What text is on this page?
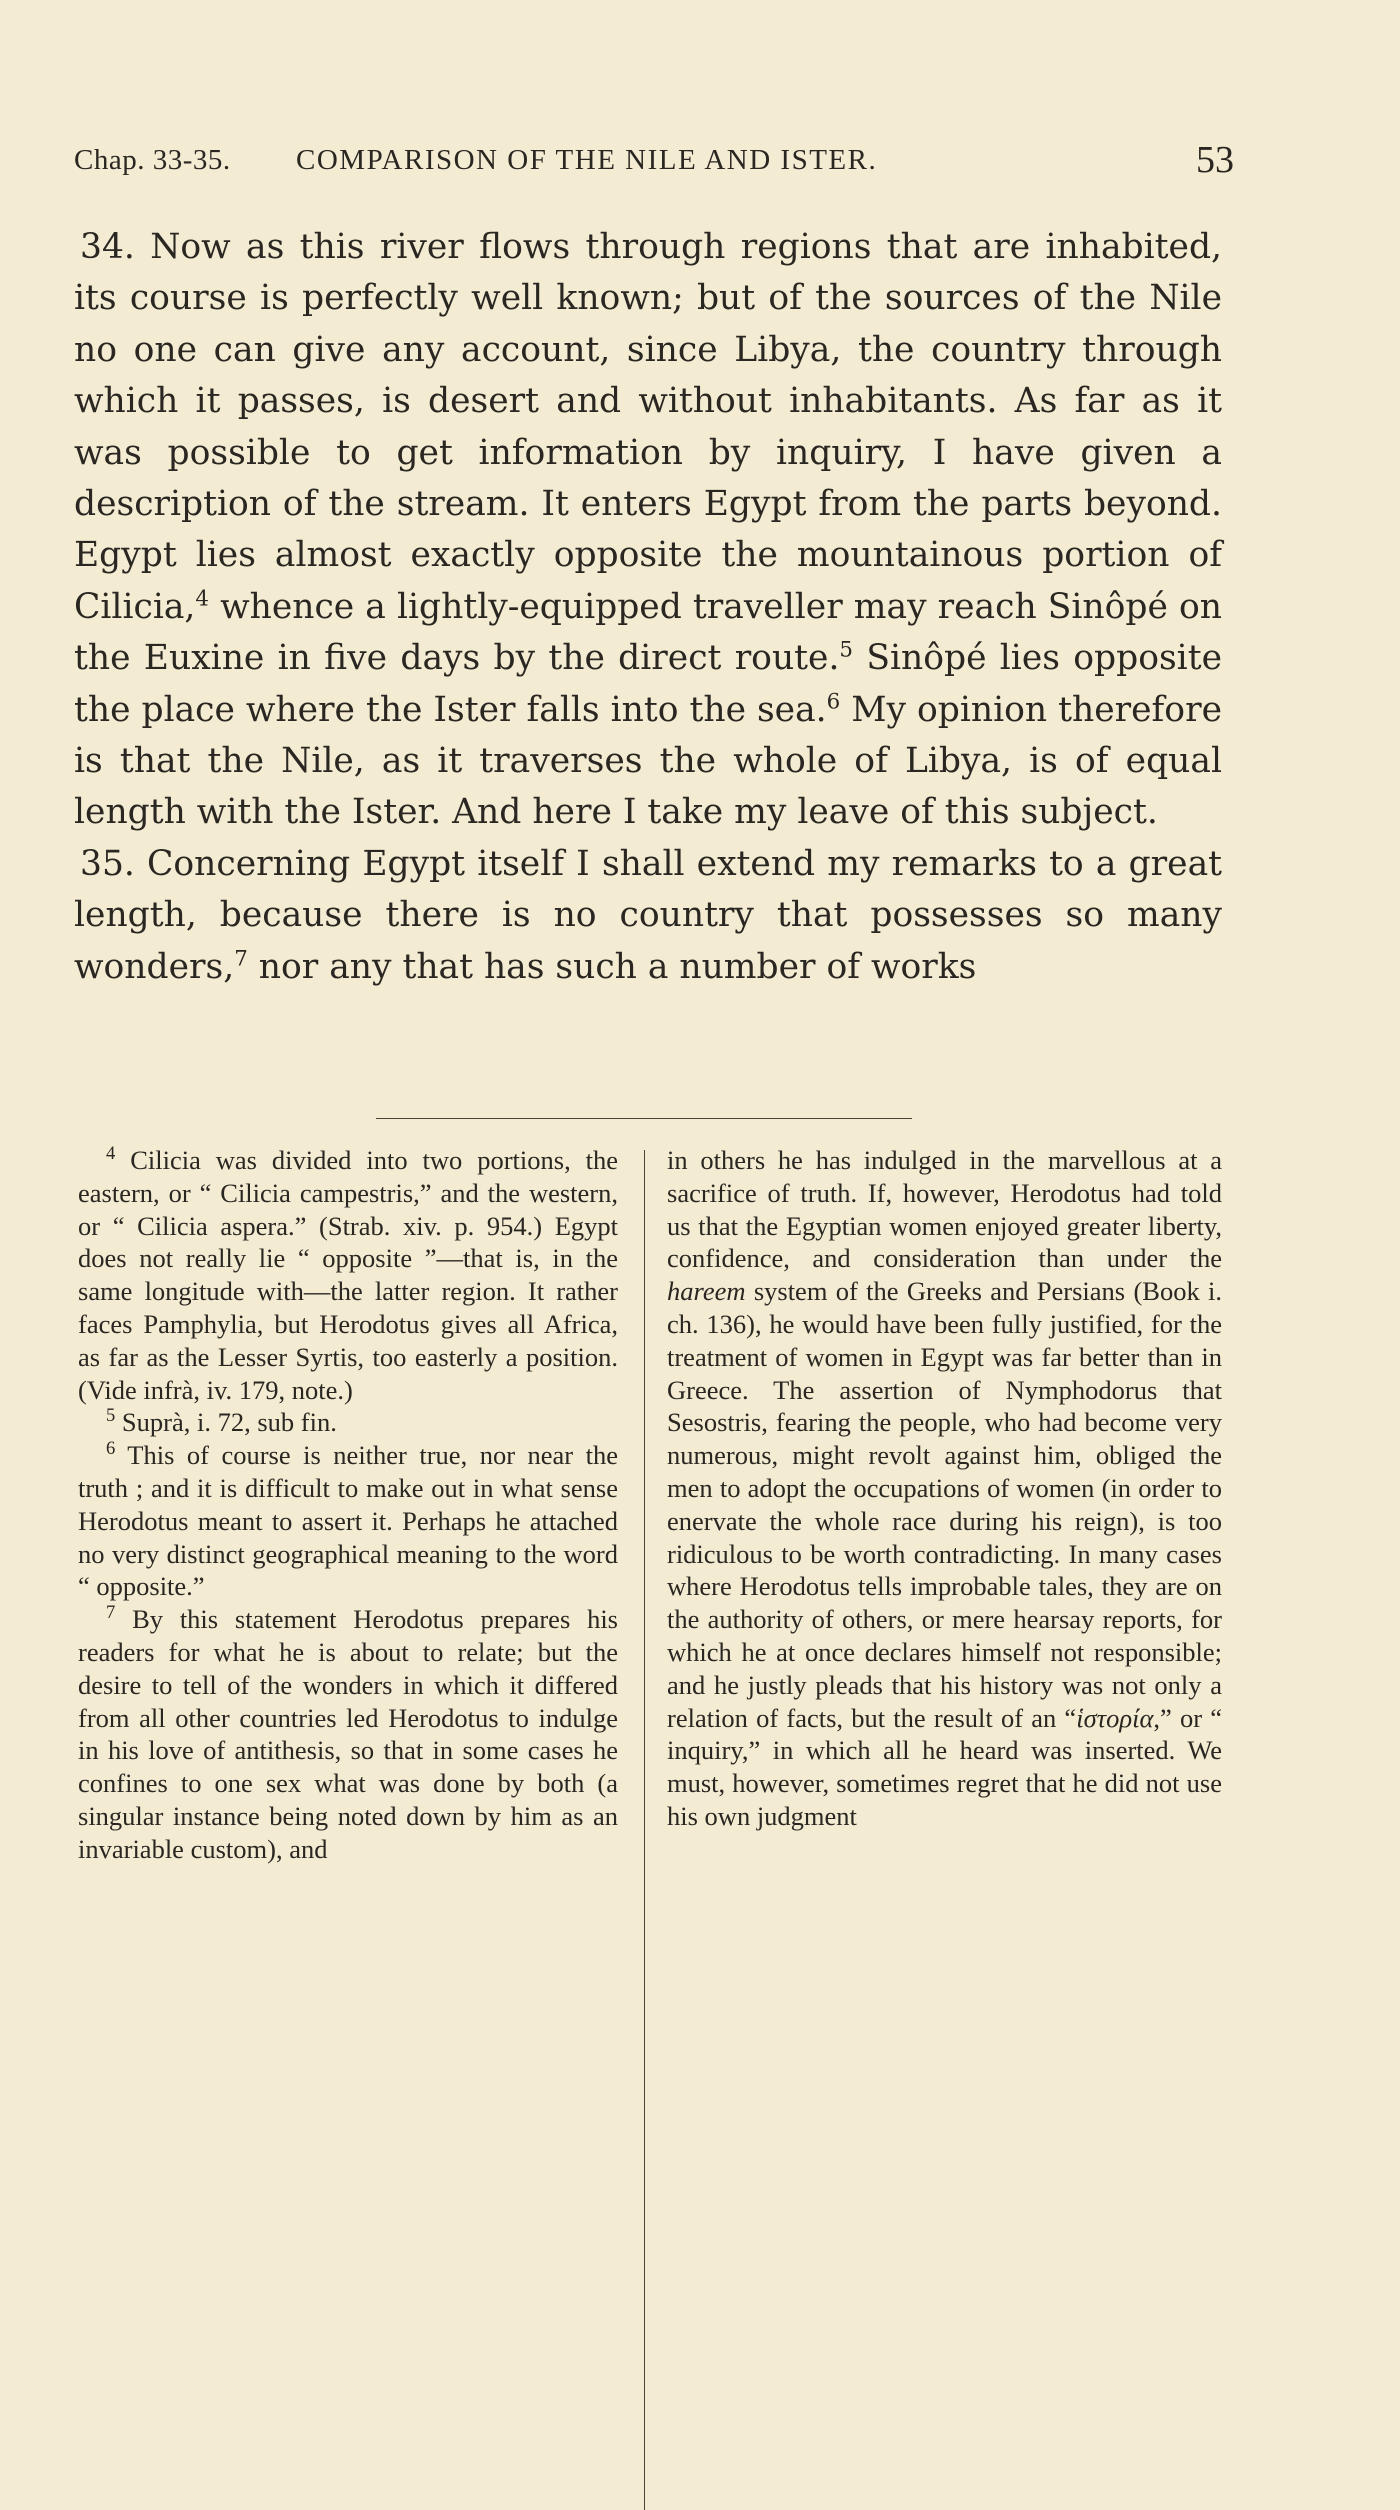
Chap. 33-35. COMPARISON OF THE NILE AND ISTER.	53

34. Now as this river flows through regions that are inhabited, its course is perfectly well known; but of the sources of the Nile no one can give any account, since Libya, the country through which it passes, is desert and without inhabitants. As far as it was possible to get information by inquiry, I have given a description of the stream. It enters Egypt from the parts beyond. Egypt lies almost exactly opposite the mountainous portion of Cilicia,$^4$ whence a lightly-equipped traveller may reach Sinôpé on the Euxine in five days by the direct route.$^5$ Sinôpé lies opposite the place where the Ister falls into the sea.$^6$ My opinion therefore is that the Nile, as it traverses the whole of Libya, is of equal length with the Ister. And here I take my leave of this subject.

35. Concerning Egypt itself I shall extend my remarks to a great length, because there is no country that possesses so many wonders,$^7$ nor any that has such a number of works

$^4$ Cilicia was divided into two portions, the eastern, or “ Cilicia campestris,” and the western, or “ Cilicia aspera.” (Strab. xiv. p. 954.) Egypt does not really lie “ opposite ”—that is, in the same longitude with—the latter region. It rather faces Pamphylia, but Herodotus gives all Africa, as far as the Lesser Syrtis, too easterly a position. (Vide infrà, iv. 179, note.)

$^5$ Suprà, i. 72, sub fin.

$^6$ This of course is neither true, nor near the truth ; and it is difficult to make out in what sense Herodotus meant to assert it. Perhaps he attached no very distinct geographical meaning to the word “ opposite.”

$^7$ By this statement Herodotus prepares his readers for what he is about to relate; but the desire to tell of the wonders in which it differed from all other countries led Herodotus to indulge in his love of antithesis, so that in some cases he confines to one sex what was done by both (a singular instance being noted down by him as an invariable custom), and

in others he has indulged in the marvellous at a sacrifice of truth. If, however, Herodotus had told us that the Egyptian women enjoyed greater liberty, confidence, and consideration than under the hareem system of the Greeks and Persians (Book i. ch. 136), he would have been fully justified, for the treatment of women in Egypt was far better than in Greece. The assertion of Nymphodorus that Sesostris, fearing the people, who had become very numerous, might revolt against him, obliged the men to adopt the occupations of women (in order to enervate the whole race during his reign), is too ridiculous to be worth contradicting. In many cases where Herodotus tells improbable tales, they are on the authority of others, or mere hearsay reports, for which he at once declares himself not responsible; and he justly pleads that his history was not only a relation of facts, but the result of an “ἱστορία,” or “ inquiry,” in which all he heard was inserted. We must, however, sometimes regret that he did not use his own judgment
